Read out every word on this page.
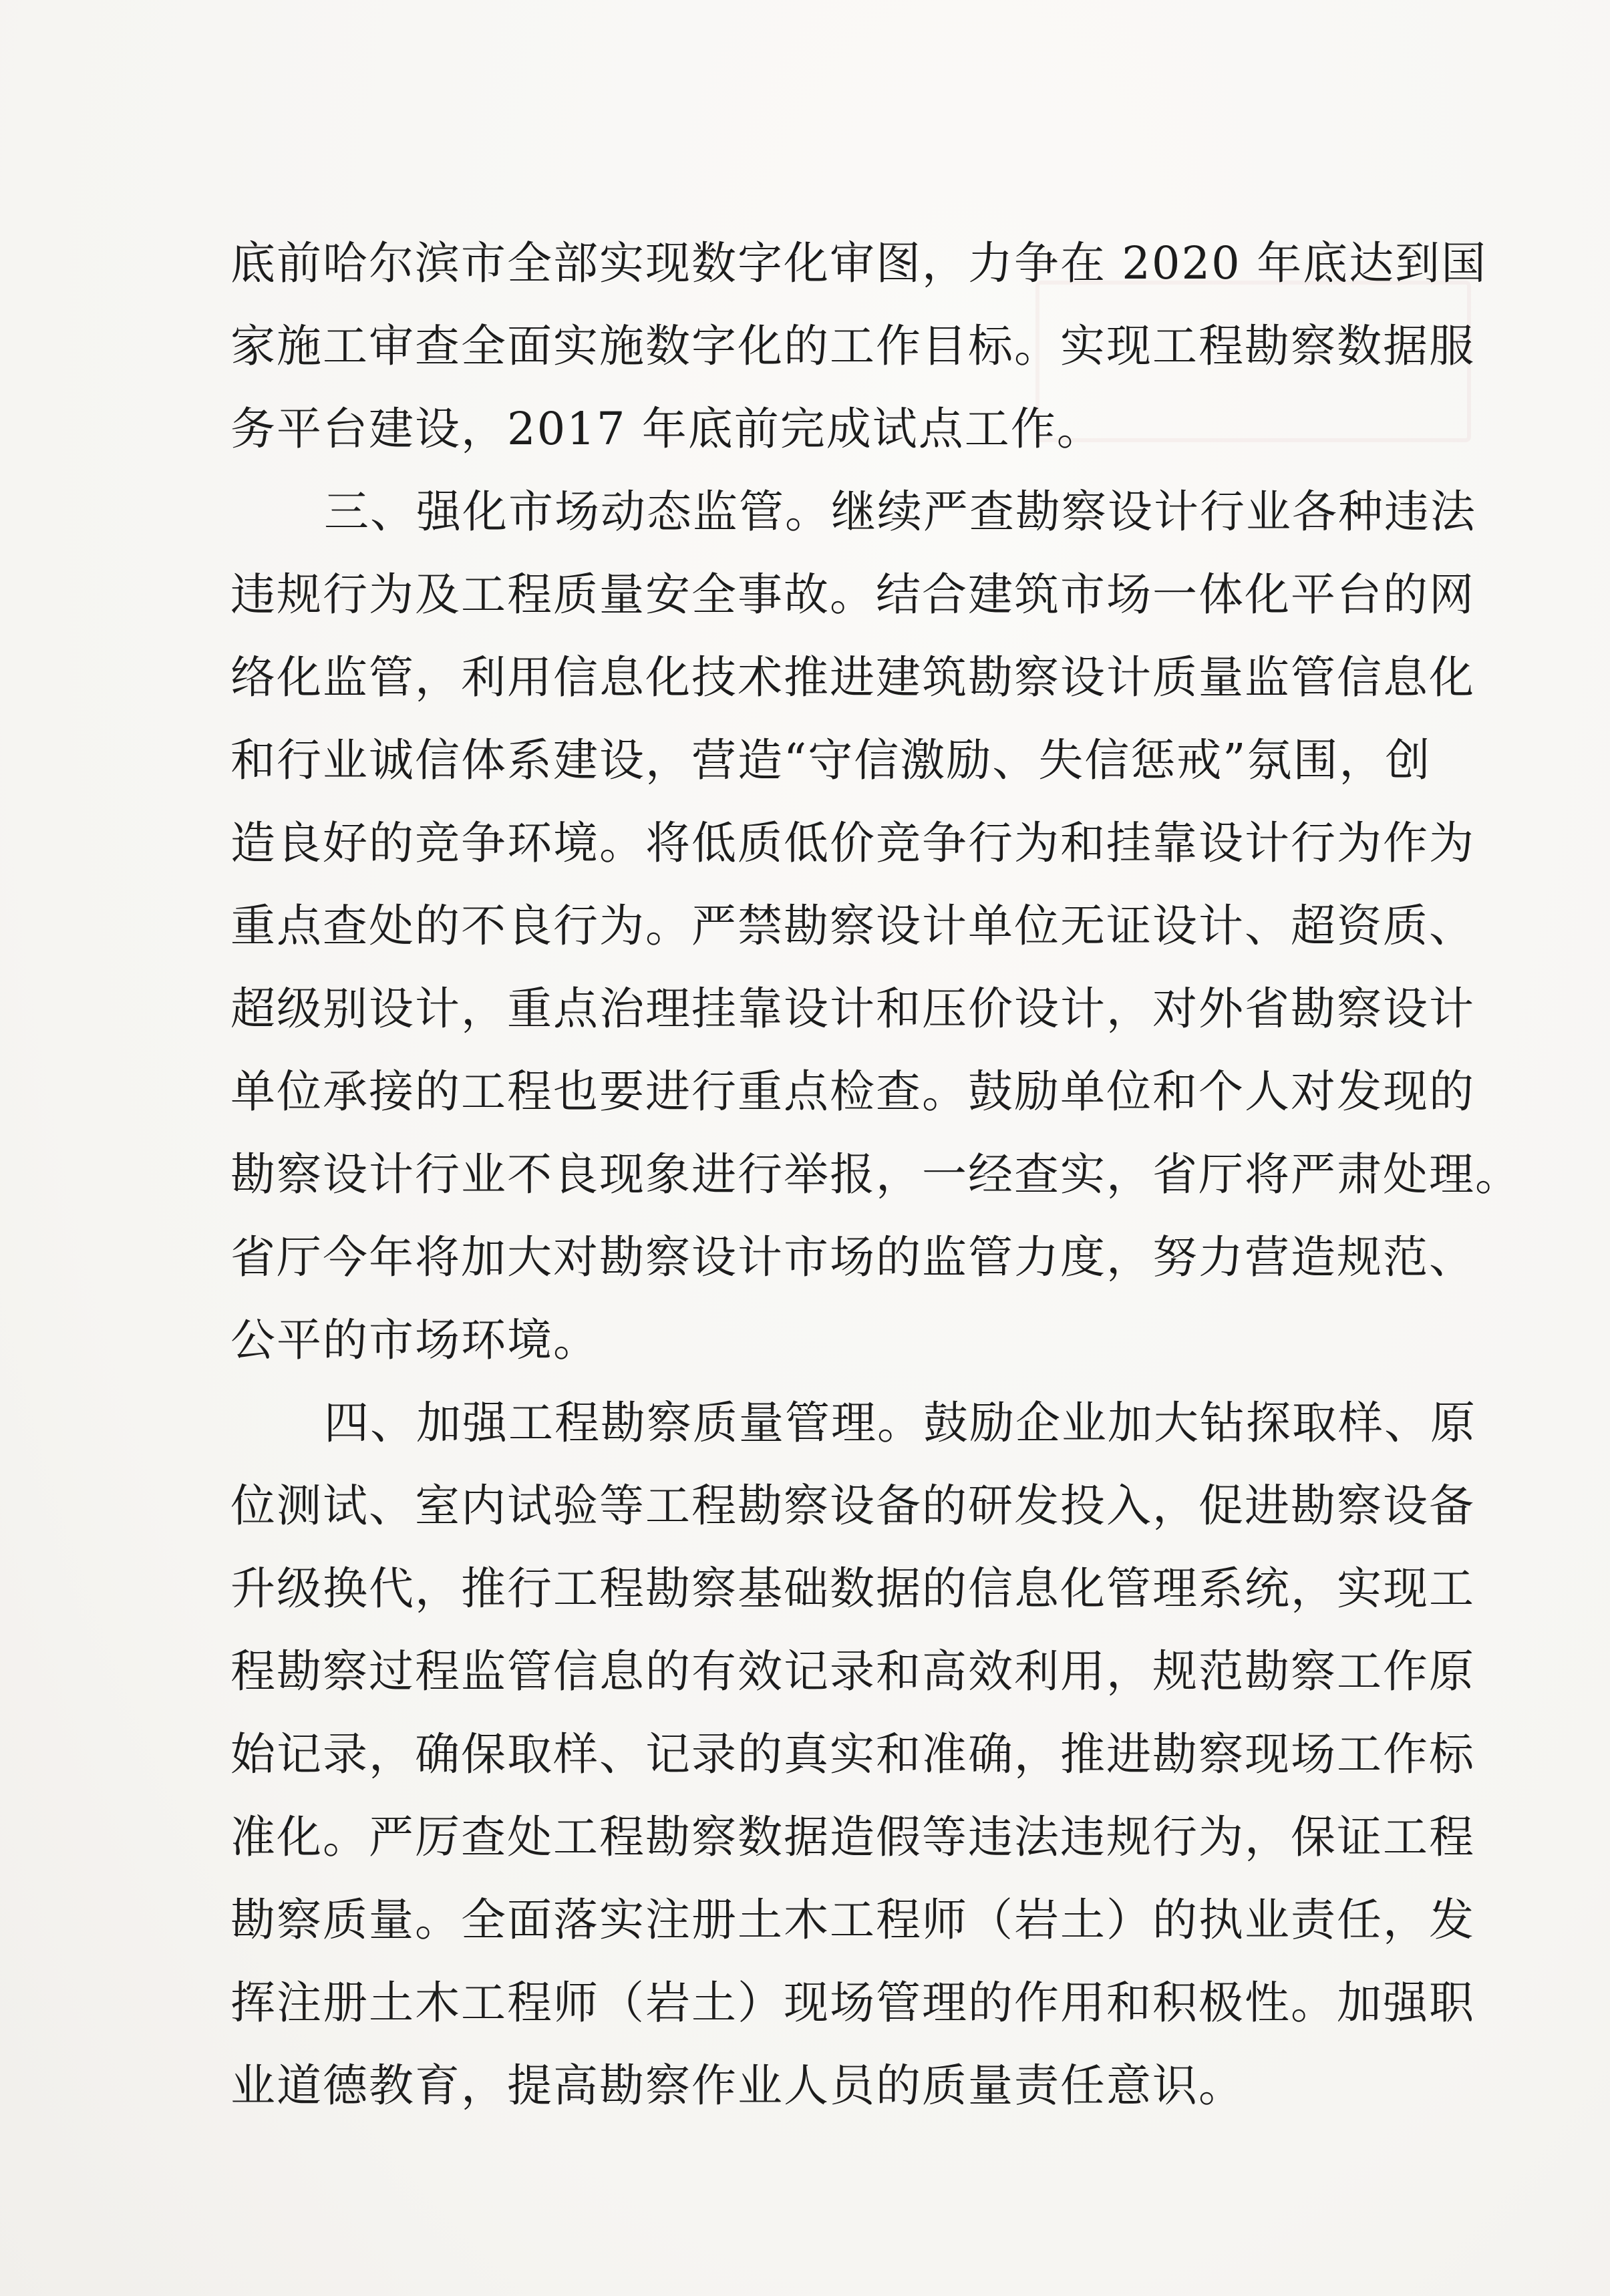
底前哈尔滨市全部实现数字化审图，力争在 2020 年底达到国
家施工审查全面实施数字化的工作目标。实现工程勘察数据服
务平台建设，2017 年底前完成试点工作。

三、强化市场动态监管。继续严查勘察设计行业各种违法
违规行为及工程质量安全事故。结合建筑市场一体化平台的网
络化监管，利用信息化技术推进建筑勘察设计质量监管信息化
和行业诚信体系建设，营造“守信激励、失信惩戒”氛围，创
造良好的竞争环境。将低质低价竞争行为和挂靠设计行为作为
重点查处的不良行为。严禁勘察设计单位无证设计、超资质、
超级别设计，重点治理挂靠设计和压价设计，对外省勘察设计
单位承接的工程也要进行重点检查。鼓励单位和个人对发现的
勘察设计行业不良现象进行举报，一经查实，省厅将严肃处理。
省厅今年将加大对勘察设计市场的监管力度，努力营造规范、
公平的市场环境。

四、加强工程勘察质量管理。鼓励企业加大钻探取样、原
位测试、室内试验等工程勘察设备的研发投入，促进勘察设备
升级换代，推行工程勘察基础数据的信息化管理系统，实现工
程勘察过程监管信息的有效记录和高效利用，规范勘察工作原
始记录，确保取样、记录的真实和准确，推进勘察现场工作标
准化。严厉查处工程勘察数据造假等违法违规行为，保证工程
勘察质量。全面落实注册土木工程师（岩土）的执业责任，发
挥注册土木工程师（岩土）现场管理的作用和积极性。加强职
业道德教育，提高勘察作业人员的质量责任意识。
